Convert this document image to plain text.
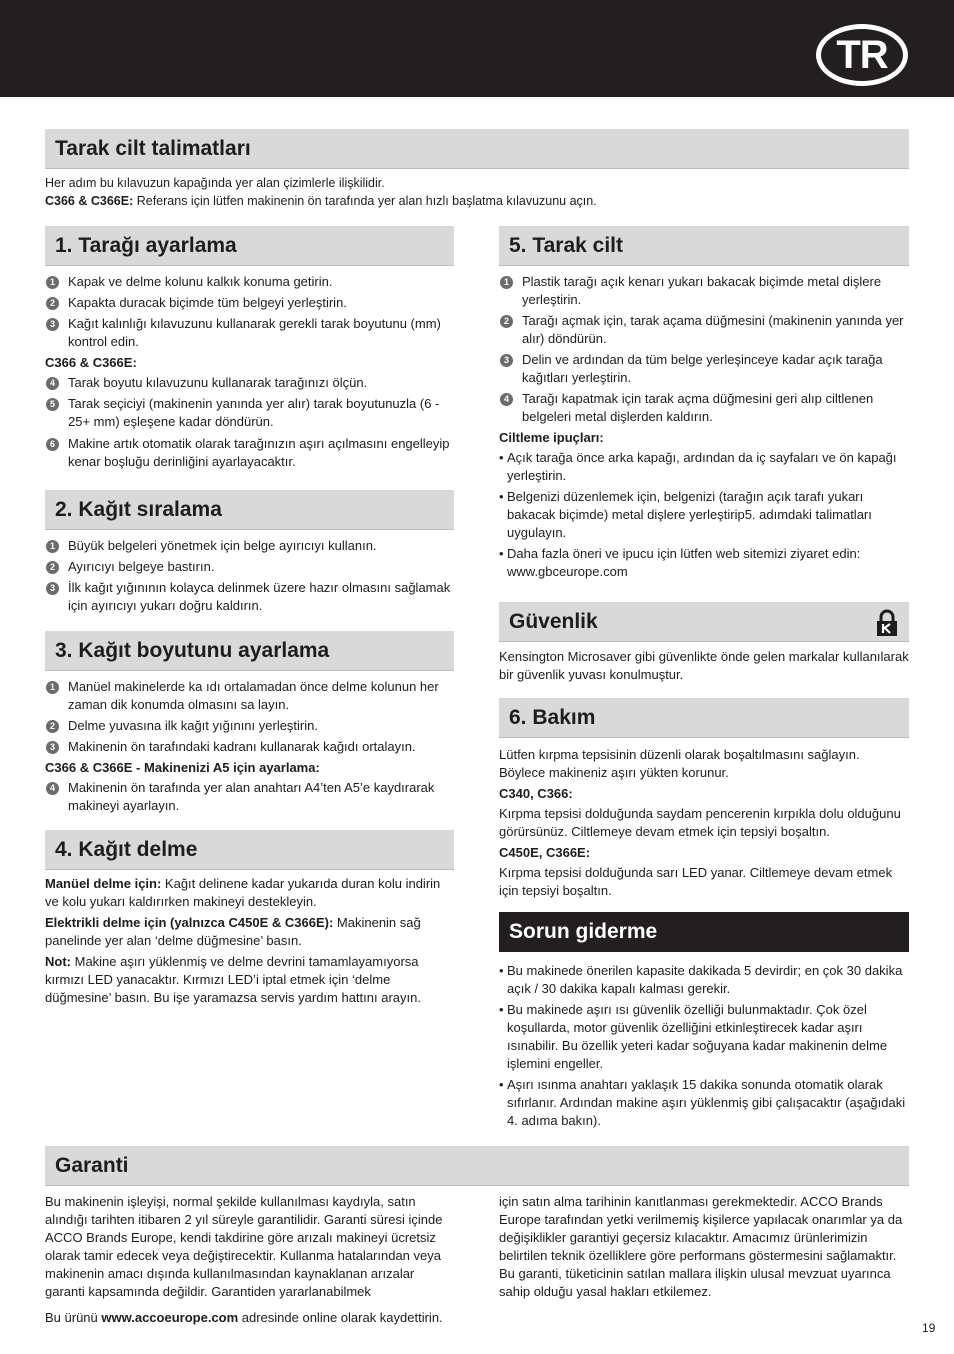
TR
Tarak cilt talimatları
Her adım bu kılavuzun kapağında yer alan çizimlerle ilişkilidir.
C366 & C366E: Referans için lütfen makinenin ön tarafında yer alan hızlı başlatma kılavuzunu açın.
1. Tarağı ayarlama
1	Kapak ve delme kolunu kalkık konuma getirin.
2	Kapakta duracak biçimde tüm belgeyi yerleştirin.
3	Kağıt kalınlığı kılavuzunu kullanarak gerekli tarak boyutunu (mm) kontrol edin.
C366 & C366E:
4	Tarak boyutu kılavuzunu kullanarak tarağınızı ölçün.
5	Tarak seçiciyi (makinenin yanında yer alır) tarak boyutunuzla (6 - 25+ mm) eşleşene kadar döndürün.
6	Makine artık otomatik olarak tarağınızın aşırı açılmasını engelleyip kenar boşluğu derinliğini ayarlayacaktır.
2. Kağıt sıralama
1	Büyük belgeleri yönetmek için belge ayırıcıyı kullanın.
2	Ayırıcıyı belgeye bastırın.
3	İlk kağıt yığınının kolayca delinmek üzere hazır olmasını sağlamak için ayırıcıyı yukarı doğru kaldırın.
3. Kağıt boyutunu ayarlama
1	Manüel makinelerde ka ıdı ortalamadan önce delme kolunun her zaman dik konumda olmasını sa layın.
2	Delme yuvasına ilk kağıt yığınını yerleştirin.
3	Makinenin ön tarafındaki kadranı kullanarak kağıdı ortalayın.
C366 & C366E - Makinenizi A5 için ayarlama:
4	Makinenin ön tarafında yer alan anahtarı A4’ten A5’e kaydırarak makineyi ayarlayın.
4. Kağıt delme

Manüel delme için: Kağıt delinene kadar yukarıda duran kolu indirin ve kolu yukarı kaldırırken makineyi destekleyin.

Elektrikli delme için (yalnızca C450E & C366E): Makinenin sağ panelinde yer alan ‘delme düğmesine’ basın.

Not: Makine aşırı yüklenmiş ve delme devrini tamamlayamıyorsa kırmızı LED yanacaktır. Kırmızı LED’i iptal etmek için ‘delme düğmesine’ basın. Bu işe yaramazsa servis yardım hattını arayın.

5. Tarak cilt
1	Plastik tarağı açık kenarı yukarı bakacak biçimde metal dişlere yerleştirin.
2	Tarağı açmak için, tarak açama düğmesini (makinenin yanında yer alır) döndürün.
3	Delin ve ardından da tüm belge yerleşinceye kadar açık tarağa kağıtları yerleştirin.
4	Tarağı kapatmak için tarak açma düğmesini geri alıp ciltlenen belgeleri metal dişlerden kaldırın.
Ciltleme ipuçları:
• Açık tarağa önce arka kapağı, ardından da iç sayfaları ve ön kapağı yerleştirin.
• Belgenizi düzenlemek için, belgenizi (tarağın açık tarafı yukarı bakacak biçimde) metal dişlere yerleştirip5. adımdaki talimatları uygulayın.
• Daha fazla öneri ve ipucu için lütfen web sitemizi ziyaret edin: www.gbceurope.com
Güvenlik
Kensington Microsaver gibi güvenlikte önde gelen markalar kullanılarak bir güvenlik yuvası konulmuştur.
6. Bakım

Lütfen kırpma tepsisinin düzenli olarak boşaltılmasını sağlayın. Böylece makineniz aşırı yükten korunur.

C340, C366:

Kırpma tepsisi dolduğunda saydam pencerenin kırpıkla dolu olduğunu görürsünüz. Ciltlemeye devam etmek için tepsiyi boşaltın.

C450E, C366E:

Kırpma tepsisi dolduğunda sarı LED yanar. Ciltlemeye devam etmek için tepsiyi boşaltın.

Sorun giderme
• Bu makinede önerilen kapasite dakikada 5 devirdir; en çok 30 dakika açık / 30 dakika kapalı kalması gerekir.
• Bu makinede aşırı ısı güvenlik özelliği bulunmaktadır. Çok özel koşullarda, motor güvenlik özelliğini etkinleştirecek kadar aşırı ısınabilir. Bu özellik yeteri kadar soğuyana kadar makinenin delme işlemini engeller.
• Aşırı ısınma anahtarı yaklaşık 15 dakika sonunda otomatik olarak sıfırlanır. Ardından makine aşırı yüklenmiş gibi çalışacaktır (aşağıdaki 4. adıma bakın).
Garanti

Bu makinenin işleyişi, normal şekilde kullanılması kaydıyla, satın alındığı tarihten itibaren 2 yıl süreyle garantilidir. Garanti süresi içinde ACCO Brands Europe, kendi takdirine göre arızalı makineyi ücretsiz olarak tamir edecek veya değiştirecektir. Kullanma hatalarından veya makinenin amacı dışında kullanılmasından kaynaklanan arızalar garanti kapsamında değildir. Garantiden yararlanabilmek

Bu ürünü www.accoeurope.com adresinde online olarak kaydettirin.

için satın alma tarihinin kanıtlanması gerekmektedir. ACCO Brands Europe tarafından yetki verilmemiş kişilerce yapılacak onarımlar ya da değişiklikler garantiyi geçersiz kılacaktır. Amacımız ürünlerimizin belirtilen teknik özelliklere göre performans göstermesini sağlamaktır. Bu garanti, tüketicinin satılan mallara ilişkin ulusal mevzuat uyarınca sahip olduğu yasal hakları etkilemez.
19
